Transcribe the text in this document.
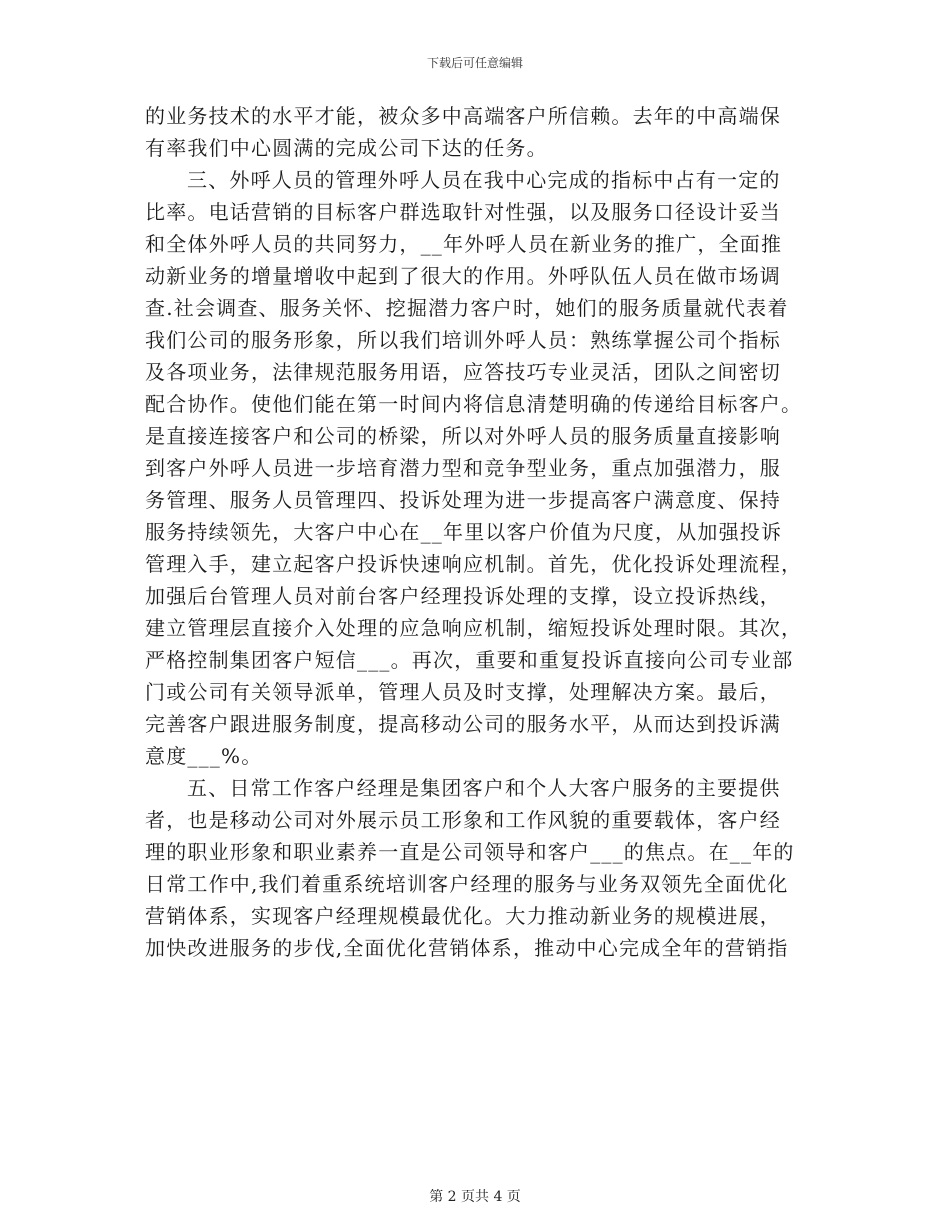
下载后可任意编辑
的业务技术的水平才能，被众多中高端客户所信赖。去年的中高端保
有率我们中心圆满的完成公司下达的任务。
三、外呼人员的管理外呼人员在我中心完成的指标中占有一定的
比率。电话营销的目标客户群选取针对性强，以及服务口径设计妥当
和全体外呼人员的共同努力，__年外呼人员在新业务的推广，全面推
动新业务的增量增收中起到了很大的作用。外呼队伍人员在做市场调
查.社会调查、服务关怀、挖掘潜力客户时，她们的服务质量就代表着
我们公司的服务形象，所以我们培训外呼人员：熟练掌握公司个指标
及各项业务，法律规范服务用语，应答技巧专业灵活，团队之间密切
配合协作。使他们能在第一时间内将信息清楚明确的传递给目标客户。
是直接连接客户和公司的桥梁，所以对外呼人员的服务质量直接影响
到客户外呼人员进一步培育潜力型和竞争型业务，重点加强潜力，服
务管理、服务人员管理四、投诉处理为进一步提高客户满意度、保持
服务持续领先，大客户中心在__年里以客户价值为尺度，从加强投诉
管理入手，建立起客户投诉快速响应机制。首先，优化投诉处理流程，
加强后台管理人员对前台客户经理投诉处理的支撑，设立投诉热线，
建立管理层直接介入处理的应急响应机制，缩短投诉处理时限。其次，
严格控制集团客户短信___。再次，重要和重复投诉直接向公司专业部
门或公司有关领导派单，管理人员及时支撑，处理解决方案。最后，
完善客户跟进服务制度，提高移动公司的服务水平，从而达到投诉满
意度___%。
五、日常工作客户经理是集团客户和个人大客户服务的主要提供
者，也是移动公司对外展示员工形象和工作风貌的重要载体，客户经
理的职业形象和职业素养一直是公司领导和客户___的焦点。在__年的
日常工作中,我们着重系统培训客户经理的服务与业务双领先全面优化
营销体系，实现客户经理规模最优化。大力推动新业务的规模进展，
加快改进服务的步伐,全面优化营销体系，推动中心完成全年的营销指
第 2 页共 4 页
